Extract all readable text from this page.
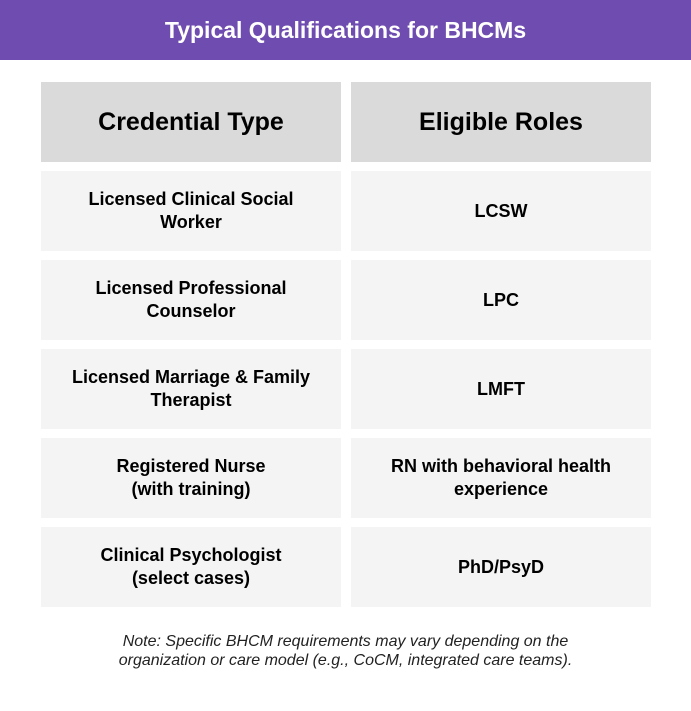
Typical Qualifications for BHCMs
Credential Type	Eligible Roles
Licensed Clinical Social
Worker
LCSW
Licensed Professional
Counselor
LPC
Licensed Marriage & Family
Therapist
LMFT
Registered Nurse
(with training)
RN with behavioral health
experience
Clinical Psychologist
(select cases)
PhD/PsyD
Note: Specific BHCM requirements may vary depending on the
organization or care model (e.g., CoCM, integrated care teams).
